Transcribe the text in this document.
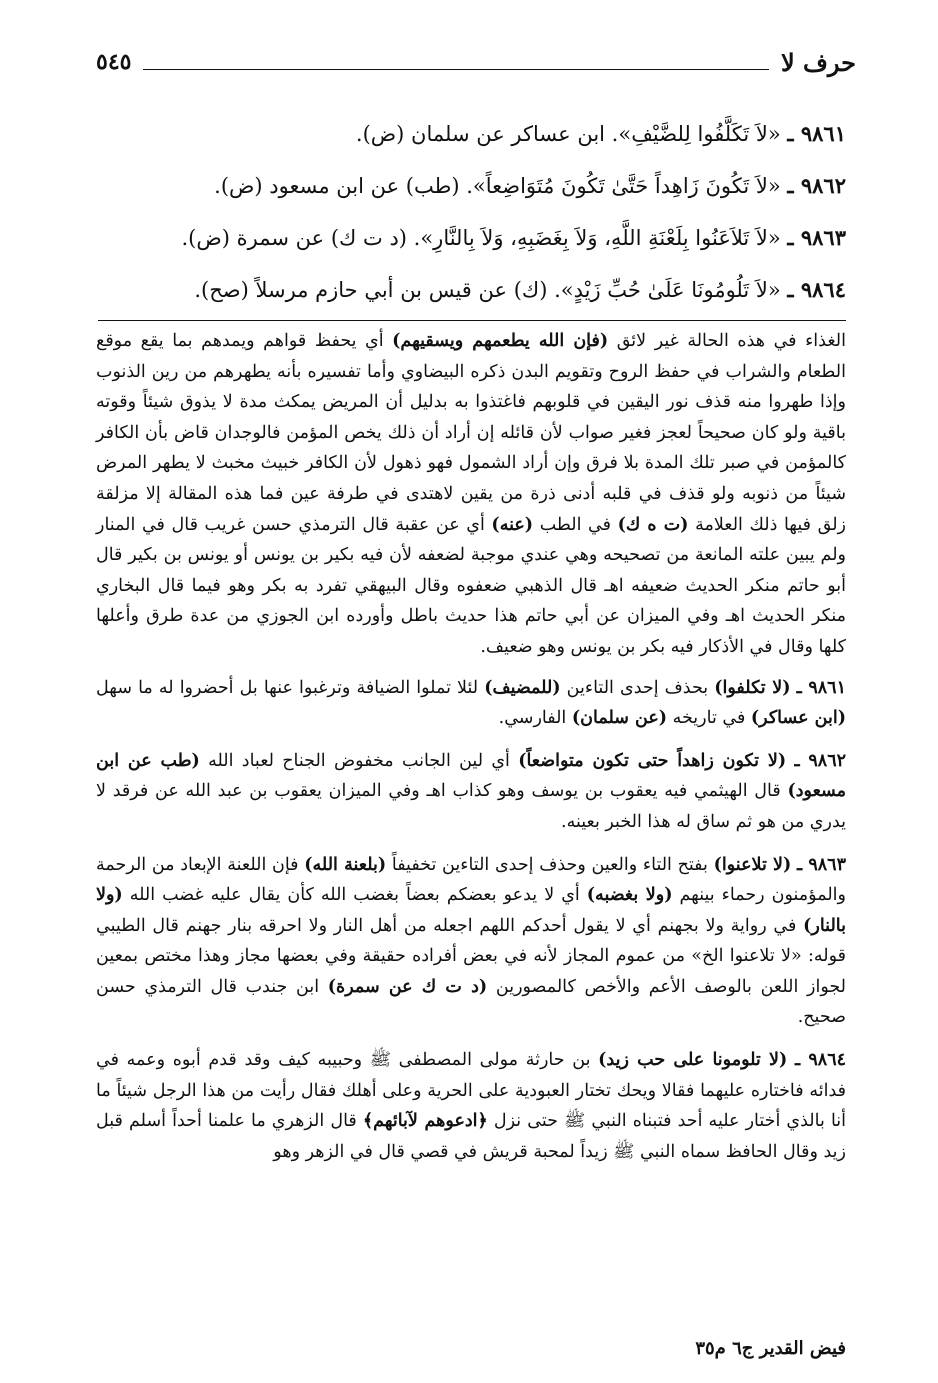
حرف لا
٥٤٥
٩٨٦١ ـ «لاَ تَكَلَّفُوا لِلضَّيْفِ». ابن عساكر عن سلمان (ض).
٩٨٦٢ ـ «لاَ تَكُونَ زَاهِداً حَتَّىٰ تَكُونَ مُتَوَاضِعاً». (طب) عن ابن مسعود (ض).
٩٨٦٣ ـ «لاَ تَلاَعَنُوا بِلَعْنَةِ اللَّهِ، وَلاَ بِغَضَبِهِ، وَلاَ بِالنَّارِ». (د ت ك) عن سمرة (ض).
٩٨٦٤ ـ «لاَ تَلُومُونَا عَلَىٰ حُبِّ زَيْدٍ». (ك) عن قيس بن أبي حازم مرسلاً (صح).

الغذاء في هذه الحالة غير لائق (فإن الله يطعمهم ويسقيهم) أي يحفظ قواهم ويمدهم بما يقع موقع الطعام والشراب في حفظ الروح وتقويم البدن ذكره البيضاوي وأما تفسيره بأنه يطهرهم من رين الذنوب وإذا طهروا منه قذف نور اليقين في قلوبهم فاغتذوا به بدليل أن المريض يمكث مدة لا يذوق شيئاً وقوته باقية ولو كان صحيحاً لعجز فغير صواب لأن قائله إن أراد أن ذلك يخص المؤمن فالوجدان قاض بأن الكافر كالمؤمن في صبر تلك المدة بلا فرق وإن أراد الشمول فهو ذهول لأن الكافر خبيث مخبث لا يطهر المرض شيئاً من ذنوبه ولو قذف في قلبه أدنى ذرة من يقين لاهتدى في طرفة عين فما هذه المقالة إلا مزلقة زلق فيها ذلك العلامة (ت ه ك) في الطب (عنه) أي عن عقبة قال الترمذي حسن غريب قال في المنار ولم يبين علته المانعة من تصحيحه وهي عندي موجبة لضعفه لأن فيه بكير بن يونس أو يونس بن بكير قال أبو حاتم منكر الحديث ضعيفه اهـ قال الذهبي ضعفوه وقال البيهقي تفرد به بكر وهو فيما قال البخاري منكر الحديث اهـ وفي الميزان عن أبي حاتم هذا حديث باطل وأورده ابن الجوزي من عدة طرق وأعلها كلها وقال في الأذكار فيه بكر بن يونس وهو ضعيف.

٩٨٦١ ـ (لا تكلفوا) بحذف إحدى التاءين (للمضيف) لئلا تملوا الضيافة وترغبوا عنها بل أحضروا له ما سهل (ابن عساكر) في تاريخه (عن سلمان) الفارسي.

٩٨٦٢ ـ (لا تكون زاهداً حتى تكون متواضعاً) أي لين الجانب مخفوض الجناح لعباد الله (طب عن ابن مسعود) قال الهيثمي فيه يعقوب بن يوسف وهو كذاب اهـ وفي الميزان يعقوب بن عبد الله عن فرقد لا يدري من هو ثم ساق له هذا الخبر بعينه.

٩٨٦٣ ـ (لا تلاعنوا) بفتح التاء والعين وحذف إحدى التاءين تخفيفاً (بلعنة الله) فإن اللعنة الإبعاد من الرحمة والمؤمنون رحماء بينهم (ولا بغضبه) أي لا يدعو بعضكم بعضاً بغضب الله كأن يقال عليه غضب الله (ولا بالنار) في رواية ولا بجهنم أي لا يقول أحدكم اللهم اجعله من أهل النار ولا احرقه بنار جهنم قال الطيبي قوله: «لا تلاعنوا الخ» من عموم المجاز لأنه في بعض أفراده حقيقة وفي بعضها مجاز وهذا مختص بمعين لجواز اللعن بالوصف الأعم والأخص كالمصورين (د ت ك عن سمرة) ابن جندب قال الترمذي حسن صحيح.

٩٨٦٤ ـ (لا تلومونا على حب زيد) بن حارثة مولى المصطفى ﷺ وحبيبه كيف وقد قدم أبوه وعمه في فدائه فاختاره عليهما فقالا ويحك تختار العبودية على الحرية وعلى أهلك فقال رأيت من هذا الرجل شيئاً ما أنا بالذي أختار عليه أحد فتبناه النبي ﷺ حتى نزل ﴿ادعوهم لآبائهم﴾ قال الزهري ما علمنا أحداً أسلم قبل زيد وقال الحافظ سماه النبي ﷺ زيداً لمحبة قريش في قصي قال في الزهر وهو

فيض القدير ج٦ م٣٥
